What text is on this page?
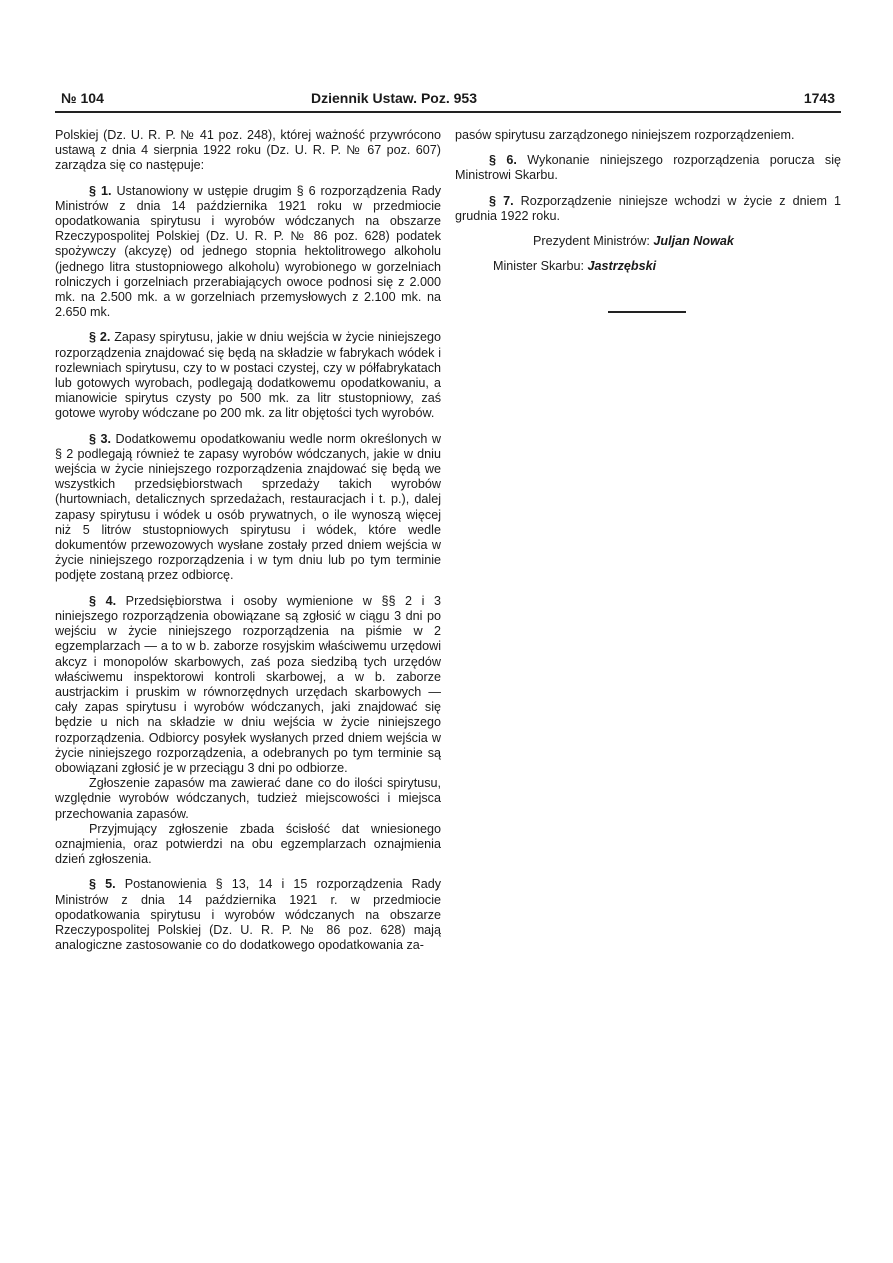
№ 104	Dziennik Ustaw. Poz. 953	1743

Polskiej (Dz. U. R. P. № 41 poz. 248), której ważność przywrócono ustawą z dnia 4 sierpnia 1922 roku (Dz. U. R. P. № 67 poz. 607) zarządza się co następuje:

§ 1. Ustanowiony w ustępie drugim § 6 rozporządzenia Rady Ministrów z dnia 14 października 1921 roku w przedmiocie opodatkowania spirytusu i wyrobów wódczanych na obszarze Rzeczypospolitej Polskiej (Dz. U. R. P. № 86 poz. 628) podatek spożywczy (akcyzę) od jednego stopnia hektolitrowego alkoholu (jednego litra stustopniowego alkoholu) wyrobionego w gorzelniach rolniczych i gorzelniach przerabiających owoce podnosi się z 2.000 mk. na 2.500 mk. a w gorzelniach przemysłowych z 2.100 mk. na 2.650 mk.

§ 2. Zapasy spirytusu, jakie w dniu wejścia w życie niniejszego rozporządzenia znajdować się będą na składzie w fabrykach wódek i rozlewniach spirytusu, czy to w postaci czystej, czy w półfabrykatach lub gotowych wyrobach, podlegają dodatkowemu opodatkowaniu, a mianowicie spirytus czysty po 500 mk. za litr stustopniowy, zaś gotowe wyroby wódczane po 200 mk. za litr objętości tych wyrobów.

§ 3. Dodatkowemu opodatkowaniu wedle norm określonych w § 2 podlegają również te zapasy wyrobów wódczanych, jakie w dniu wejścia w życie niniejszego rozporządzenia znajdować się będą we wszystkich przedsiębiorstwach sprzedaży takich wyrobów (hurtowniach, detalicznych sprzedażach, restauracjach i t. p.), dalej zapasy spirytusu i wódek u osób prywatnych, o ile wynoszą więcej niż 5 litrów stustopniowych spirytusu i wódek, które wedle dokumentów przewozowych wysłane zostały przed dniem wejścia w życie niniejszego rozporządzenia i w tym dniu lub po tym terminie podjęte zostaną przez odbiorcę.

§ 4. Przedsiębiorstwa i osoby wymienione w §§ 2 i 3 niniejszego rozporządzenia obowiązane są zgłosić w ciągu 3 dni po wejściu w życie niniejszego rozporządzenia na piśmie w 2 egzemplarzach — a to w b. zaborze rosyjskim właściwemu urzędowi akcyz i monopolów skarbowych, zaś poza siedzibą tych urzędów właściwemu inspektorowi kontroli skarbowej, a w b. zaborze austrjackim i pruskim w równorzędnych urzędach skarbowych — cały zapas spirytusu i wyrobów wódczanych, jaki znajdować się będzie u nich na składzie w dniu wejścia w życie niniejszego rozporządzenia. Odbiorcy posyłek wysłanych przed dniem wejścia w życie niniejszego rozporządzenia, a odebranych po tym terminie są obowiązani zgłosić je w przeciągu 3 dni po odbiorze.

Zgłoszenie zapasów ma zawierać dane co do ilości spirytusu, względnie wyrobów wódczanych, tudzież miejscowości i miejsca przechowania zapasów.

Przyjmujący zgłoszenie zbada ścisłość dat wniesionego oznajmienia, oraz potwierdzi na obu egzemplarzach oznajmienia dzień zgłoszenia.

§ 5. Postanowienia § 13, 14 i 15 rozporządzenia Rady Ministrów z dnia 14 października 1921 r. w przedmiocie opodatkowania spirytusu i wyrobów wódczanych na obszarze Rzeczypospolitej Polskiej (Dz. U. R. P. № 86 poz. 628) mają analogiczne zastosowanie co do dodatkowego opodatkowania za-

pasów spirytusu zarządzonego niniejszem rozporządzeniem.

§ 6. Wykonanie niniejszego rozporządzenia porucza się Ministrowi Skarbu.

§ 7. Rozporządzenie niniejsze wchodzi w życie z dniem 1 grudnia 1922 roku.

Prezydent Ministrów: Juljan Nowak
Minister Skarbu: Jastrzębski
